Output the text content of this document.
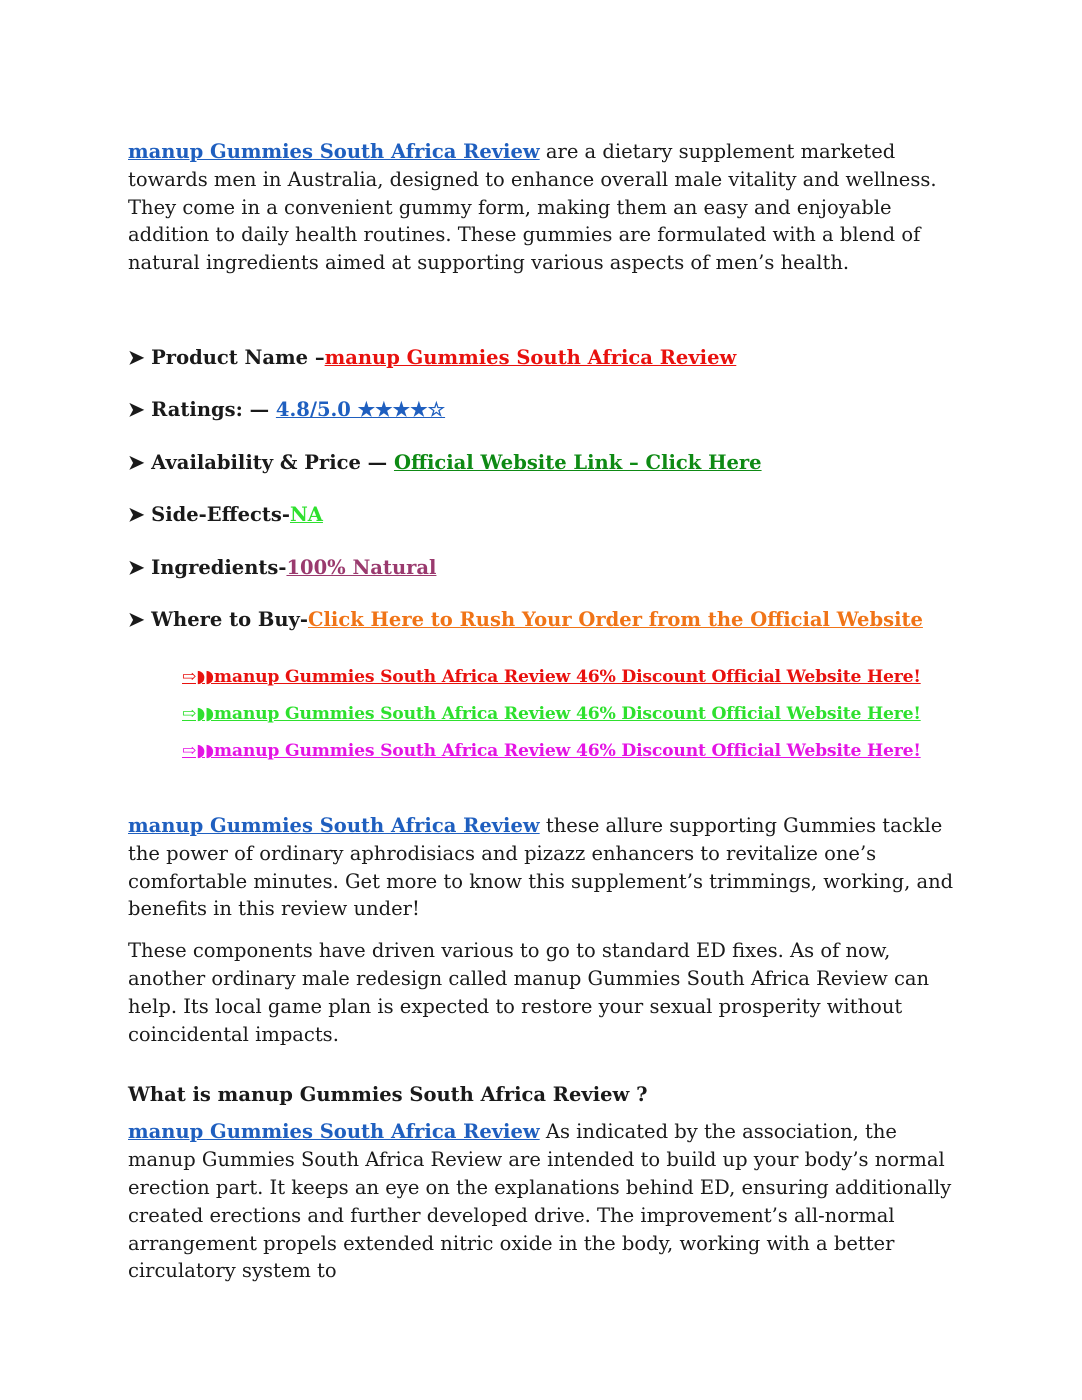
manup Gummies South Africa Review are a dietary supplement marketed towards men in Australia, designed to enhance overall male vitality and wellness. They come in a convenient gummy form, making them an easy and enjoyable addition to daily health routines. These gummies are formulated with a blend of natural ingredients aimed at supporting various aspects of men’s health.

➤ Product Name –manup Gummies South Africa Review

➤ Ratings: — 4.8/5.0 ★★★★☆

➤ Availability & Price — Official Website Link – Click Here

➤ Side-Effects-NA

➤ Ingredients-100% Natural

➤ Where to Buy-Click Here to Rush Your Order from the Official Website

⇨◗◗manup Gummies South Africa Review 46% Discount Official Website Here!
⇨◗◗manup Gummies South Africa Review 46% Discount Official Website Here!
⇨◗◗manup Gummies South Africa Review 46% Discount Official Website Here!

manup Gummies South Africa Review these allure supporting Gummies tackle the power of ordinary aphrodisiacs and pizazz enhancers to revitalize one’s comfortable minutes. Get more to know this supplement’s trimmings, working, and benefits in this review under!

These components have driven various to go to standard ED fixes. As of now, another ordinary male redesign called manup Gummies South Africa Review can help. Its local game plan is expected to restore your sexual prosperity without coincidental impacts.

What is manup Gummies South Africa Review ?

manup Gummies South Africa Review As indicated by the association, the manup Gummies South Africa Review are intended to build up your body’s normal erection part. It keeps an eye on the explanations behind ED, ensuring additionally created erections and further developed drive. The improvement’s all-normal arrangement propels extended nitric oxide in the body, working with a better circulatory system to
